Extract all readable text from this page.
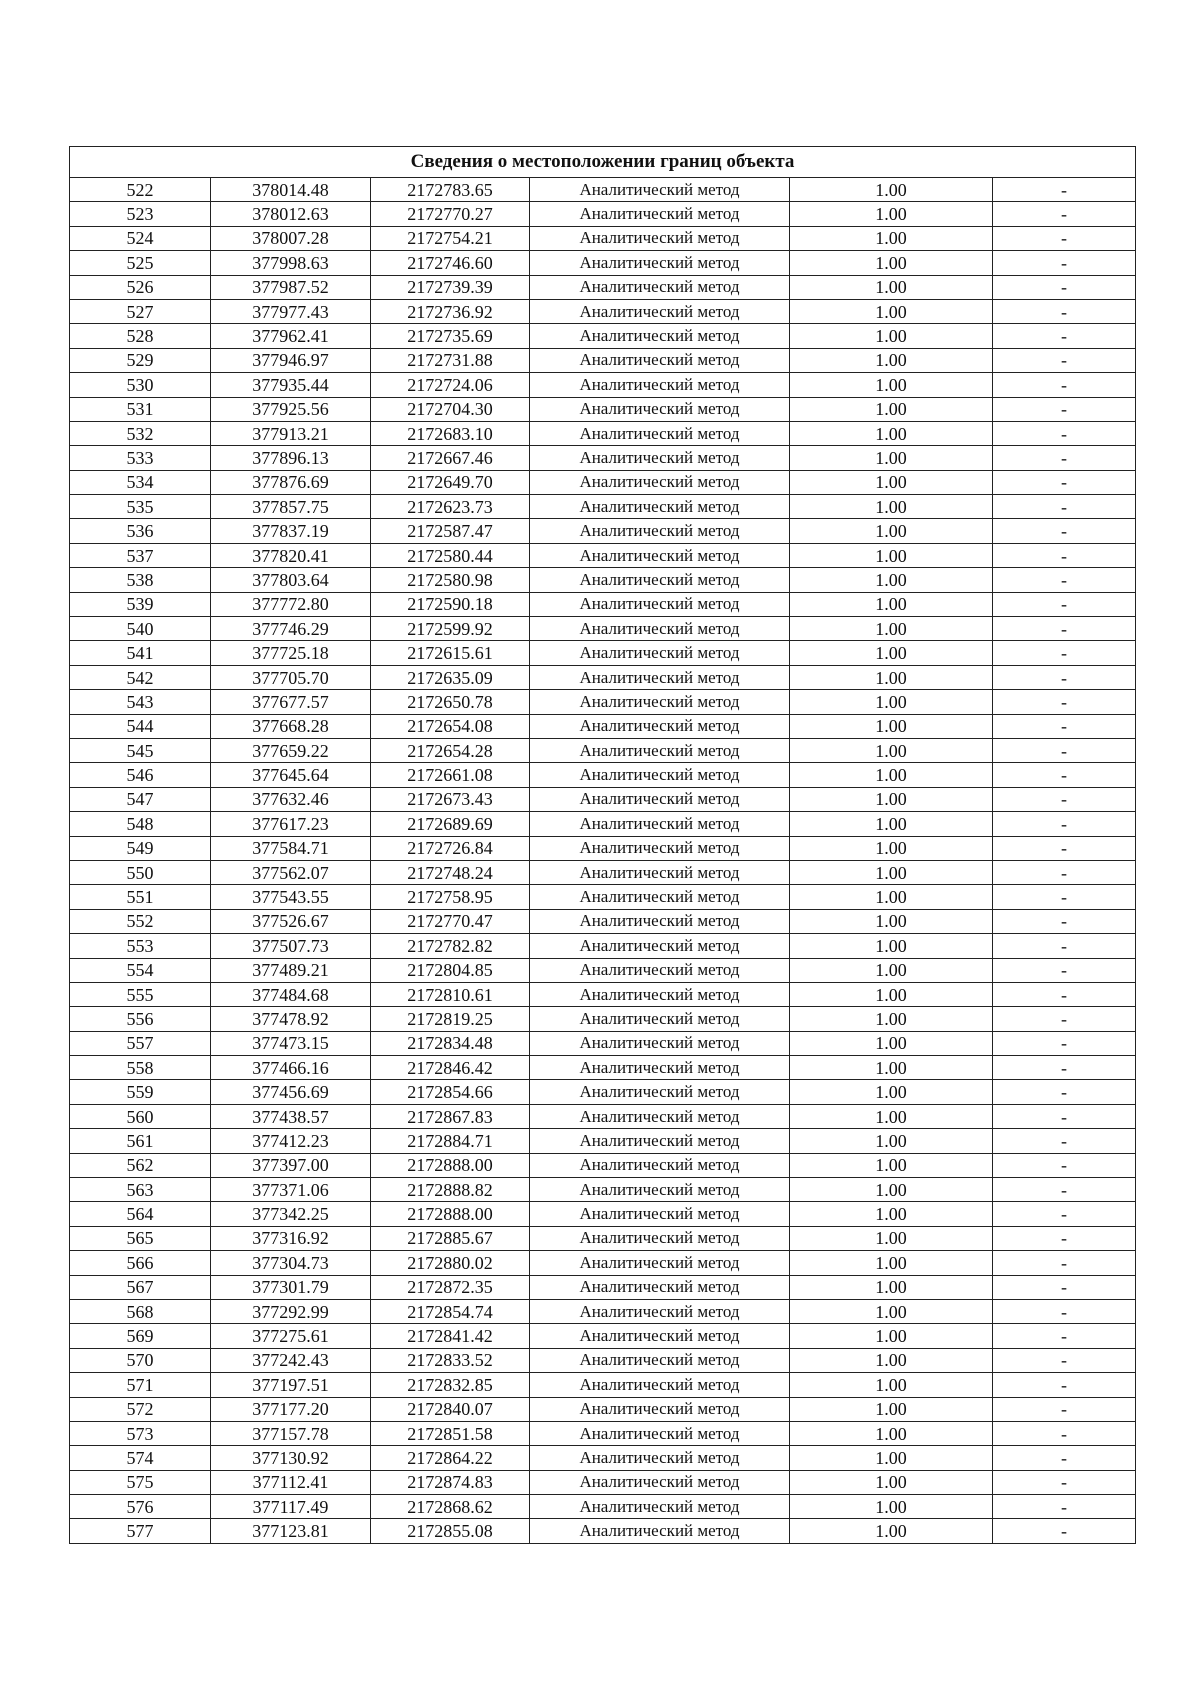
Сведения о местоположении границ объекта					
522	378014.48	2172783.65	Аналитический метод	1.00	-
523	378012.63	2172770.27	Аналитический метод	1.00	-
524	378007.28	2172754.21	Аналитический метод	1.00	-
525	377998.63	2172746.60	Аналитический метод	1.00	-
526	377987.52	2172739.39	Аналитический метод	1.00	-
527	377977.43	2172736.92	Аналитический метод	1.00	-
528	377962.41	2172735.69	Аналитический метод	1.00	-
529	377946.97	2172731.88	Аналитический метод	1.00	-
530	377935.44	2172724.06	Аналитический метод	1.00	-
531	377925.56	2172704.30	Аналитический метод	1.00	-
532	377913.21	2172683.10	Аналитический метод	1.00	-
533	377896.13	2172667.46	Аналитический метод	1.00	-
534	377876.69	2172649.70	Аналитический метод	1.00	-
535	377857.75	2172623.73	Аналитический метод	1.00	-
536	377837.19	2172587.47	Аналитический метод	1.00	-
537	377820.41	2172580.44	Аналитический метод	1.00	-
538	377803.64	2172580.98	Аналитический метод	1.00	-
539	377772.80	2172590.18	Аналитический метод	1.00	-
540	377746.29	2172599.92	Аналитический метод	1.00	-
541	377725.18	2172615.61	Аналитический метод	1.00	-
542	377705.70	2172635.09	Аналитический метод	1.00	-
543	377677.57	2172650.78	Аналитический метод	1.00	-
544	377668.28	2172654.08	Аналитический метод	1.00	-
545	377659.22	2172654.28	Аналитический метод	1.00	-
546	377645.64	2172661.08	Аналитический метод	1.00	-
547	377632.46	2172673.43	Аналитический метод	1.00	-
548	377617.23	2172689.69	Аналитический метод	1.00	-
549	377584.71	2172726.84	Аналитический метод	1.00	-
550	377562.07	2172748.24	Аналитический метод	1.00	-
551	377543.55	2172758.95	Аналитический метод	1.00	-
552	377526.67	2172770.47	Аналитический метод	1.00	-
553	377507.73	2172782.82	Аналитический метод	1.00	-
554	377489.21	2172804.85	Аналитический метод	1.00	-
555	377484.68	2172810.61	Аналитический метод	1.00	-
556	377478.92	2172819.25	Аналитический метод	1.00	-
557	377473.15	2172834.48	Аналитический метод	1.00	-
558	377466.16	2172846.42	Аналитический метод	1.00	-
559	377456.69	2172854.66	Аналитический метод	1.00	-
560	377438.57	2172867.83	Аналитический метод	1.00	-
561	377412.23	2172884.71	Аналитический метод	1.00	-
562	377397.00	2172888.00	Аналитический метод	1.00	-
563	377371.06	2172888.82	Аналитический метод	1.00	-
564	377342.25	2172888.00	Аналитический метод	1.00	-
565	377316.92	2172885.67	Аналитический метод	1.00	-
566	377304.73	2172880.02	Аналитический метод	1.00	-
567	377301.79	2172872.35	Аналитический метод	1.00	-
568	377292.99	2172854.74	Аналитический метод	1.00	-
569	377275.61	2172841.42	Аналитический метод	1.00	-
570	377242.43	2172833.52	Аналитический метод	1.00	-
571	377197.51	2172832.85	Аналитический метод	1.00	-
572	377177.20	2172840.07	Аналитический метод	1.00	-
573	377157.78	2172851.58	Аналитический метод	1.00	-
574	377130.92	2172864.22	Аналитический метод	1.00	-
575	377112.41	2172874.83	Аналитический метод	1.00	-
576	377117.49	2172868.62	Аналитический метод	1.00	-
577	377123.81	2172855.08	Аналитический метод	1.00	-
